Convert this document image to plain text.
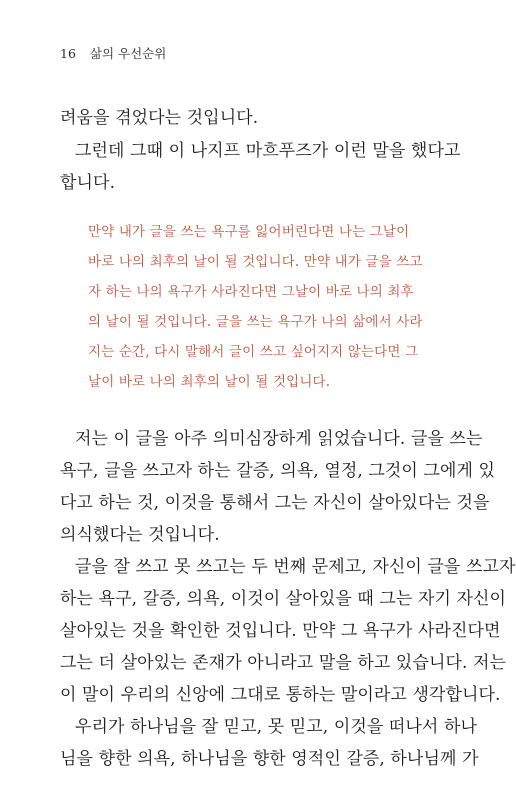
16 삶의 우선순위
려움을 겪었다는 것입니다.
그런데 그때 이 나지프 마흐푸즈가 이런 말을 했다고
합니다.
만약 내가 글을 쓰는 욕구를 잃어버린다면 나는 그날이
바로 나의 최후의 날이 될 것입니다. 만약 내가 글을 쓰고
자 하는 나의 욕구가 사라진다면 그날이 바로 나의 최후
의 날이 될 것입니다. 글을 쓰는 욕구가 나의 삶에서 사라
지는 순간, 다시 말해서 글이 쓰고 싶어지지 않는다면 그
날이 바로 나의 최후의 날이 될 것입니다.
저는 이 글을 아주 의미심장하게 읽었습니다. 글을 쓰는
욕구, 글을 쓰고자 하는 갈증, 의욕, 열정, 그것이 그에게 있
다고 하는 것, 이것을 통해서 그는 자신이 살아있다는 것을
의식했다는 것입니다.
글을 잘 쓰고 못 쓰고는 두 번째 문제고, 자신이 글을 쓰고자
하는 욕구, 갈증, 의욕, 이것이 살아있을 때 그는 자기 자신이
살아있는 것을 확인한 것입니다. 만약 그 욕구가 사라진다면
그는 더 살아있는 존재가 아니라고 말을 하고 있습니다. 저는
이 말이 우리의 신앙에 그대로 통하는 말이라고 생각합니다.
우리가 하나님을 잘 믿고, 못 믿고, 이것을 떠나서 하나
님을 향한 의욕, 하나님을 향한 영적인 갈증, 하나님께 가
